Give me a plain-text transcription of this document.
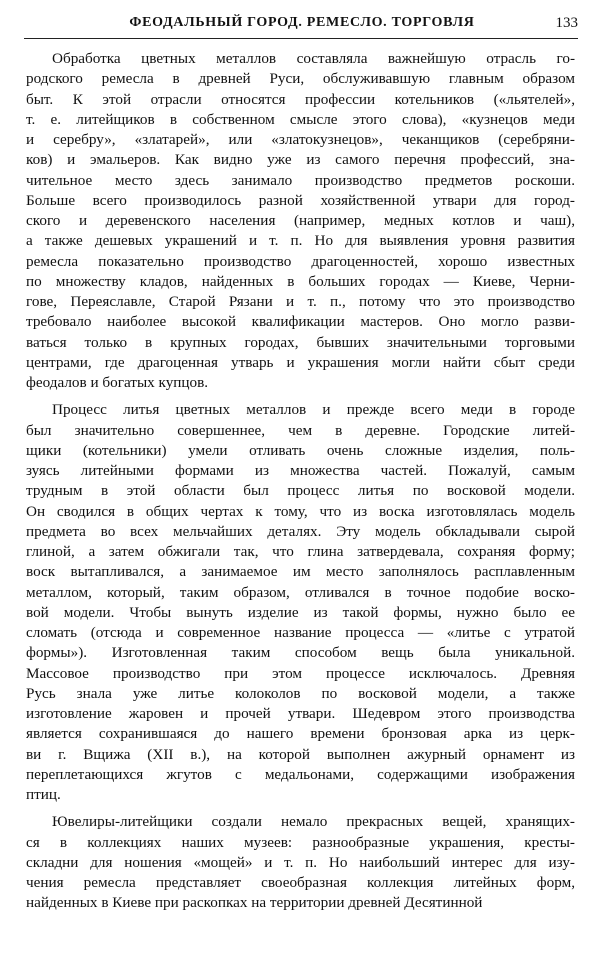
ФЕОДАЛЬНЫЙ ГОРОД. РЕМЕСЛО. ТОРГОВЛЯ	133
Обработка цветных металлов составляла важнейшую отрасль го-
родского ремесла в древней Руси, обслуживавшую главным образом
быт. К этой отрасли относятся профессии котельников («льятелей»,
т. е. литейщиков в собственном смысле этого слова), «кузнецов меди
и серебру», «златарей», или «златокузнецов», чеканщиков (серебряни-
ков) и эмальеров. Как видно уже из самого перечня профессий, зна-
чительное место здесь занимало производство предметов роскоши.
Больше всего производилось разной хозяйственной утвари для город-
ского и деревенского населения (например, медных котлов и чаш),
а также дешевых украшений и т. п. Но для выявления уровня развития
ремесла показательно производство драгоценностей, хорошо известных
по множеству кладов, найденных в больших городах — Киеве, Черни-
гове, Переяславле, Старой Рязани и т. п., потому что это производство
требовало наиболее высокой квалификации мастеров. Оно могло разви-
ваться только в крупных городах, бывших значительными торговыми
центрами, где драгоценная утварь и украшения могли найти сбыт среди
феодалов и богатых купцов.
Процесс литья цветных металлов и прежде всего меди в городе
был значительно совершеннее, чем в деревне. Городские литей-
щики (котельники) умели отливать очень сложные изделия, поль-
зуясь литейными формами из множества частей. Пожалуй, самым
трудным в этой области был процесс литья по восковой модели.
Он сводился в общих чертах к тому, что из воска изготовлялась модель
предмета во всех мельчайших деталях. Эту модель обкладывали сырой
глиной, а затем обжигали так, что глина затвердевала, сохраняя форму;
воск вытапливался, а занимаемое им место заполнялось расплавленным
металлом, который, таким образом, отливался в точное подобие воско-
вой модели. Чтобы вынуть изделие из такой формы, нужно было ее
сломать (отсюда и современное название процесса — «литье с утратой
формы»). Изготовленная таким способом вещь была уникальной.
Массовое производство при этом процессе исключалось. Древняя
Русь знала уже литье колоколов по восковой модели, а также
изготовление жаровен и прочей утвари. Шедевром этого производства
является сохранившаяся до нашего времени бронзовая арка из церк-
ви г. Вщижа (XII в.), на которой выполнен ажурный орнамент из
переплетающихся жгутов с медальонами, содержащими изображения
птиц.
Ювелиры-литейщики создали немало прекрасных вещей, хранящих-
ся в коллекциях наших музеев: разнообразные украшения, кресты-
складни для ношения «мощей» и т. п. Но наибольший интерес для изу-
чения ремесла представляет своеобразная коллекция литейных форм,
найденных в Киеве при раскопках на территории древней Десятинной
